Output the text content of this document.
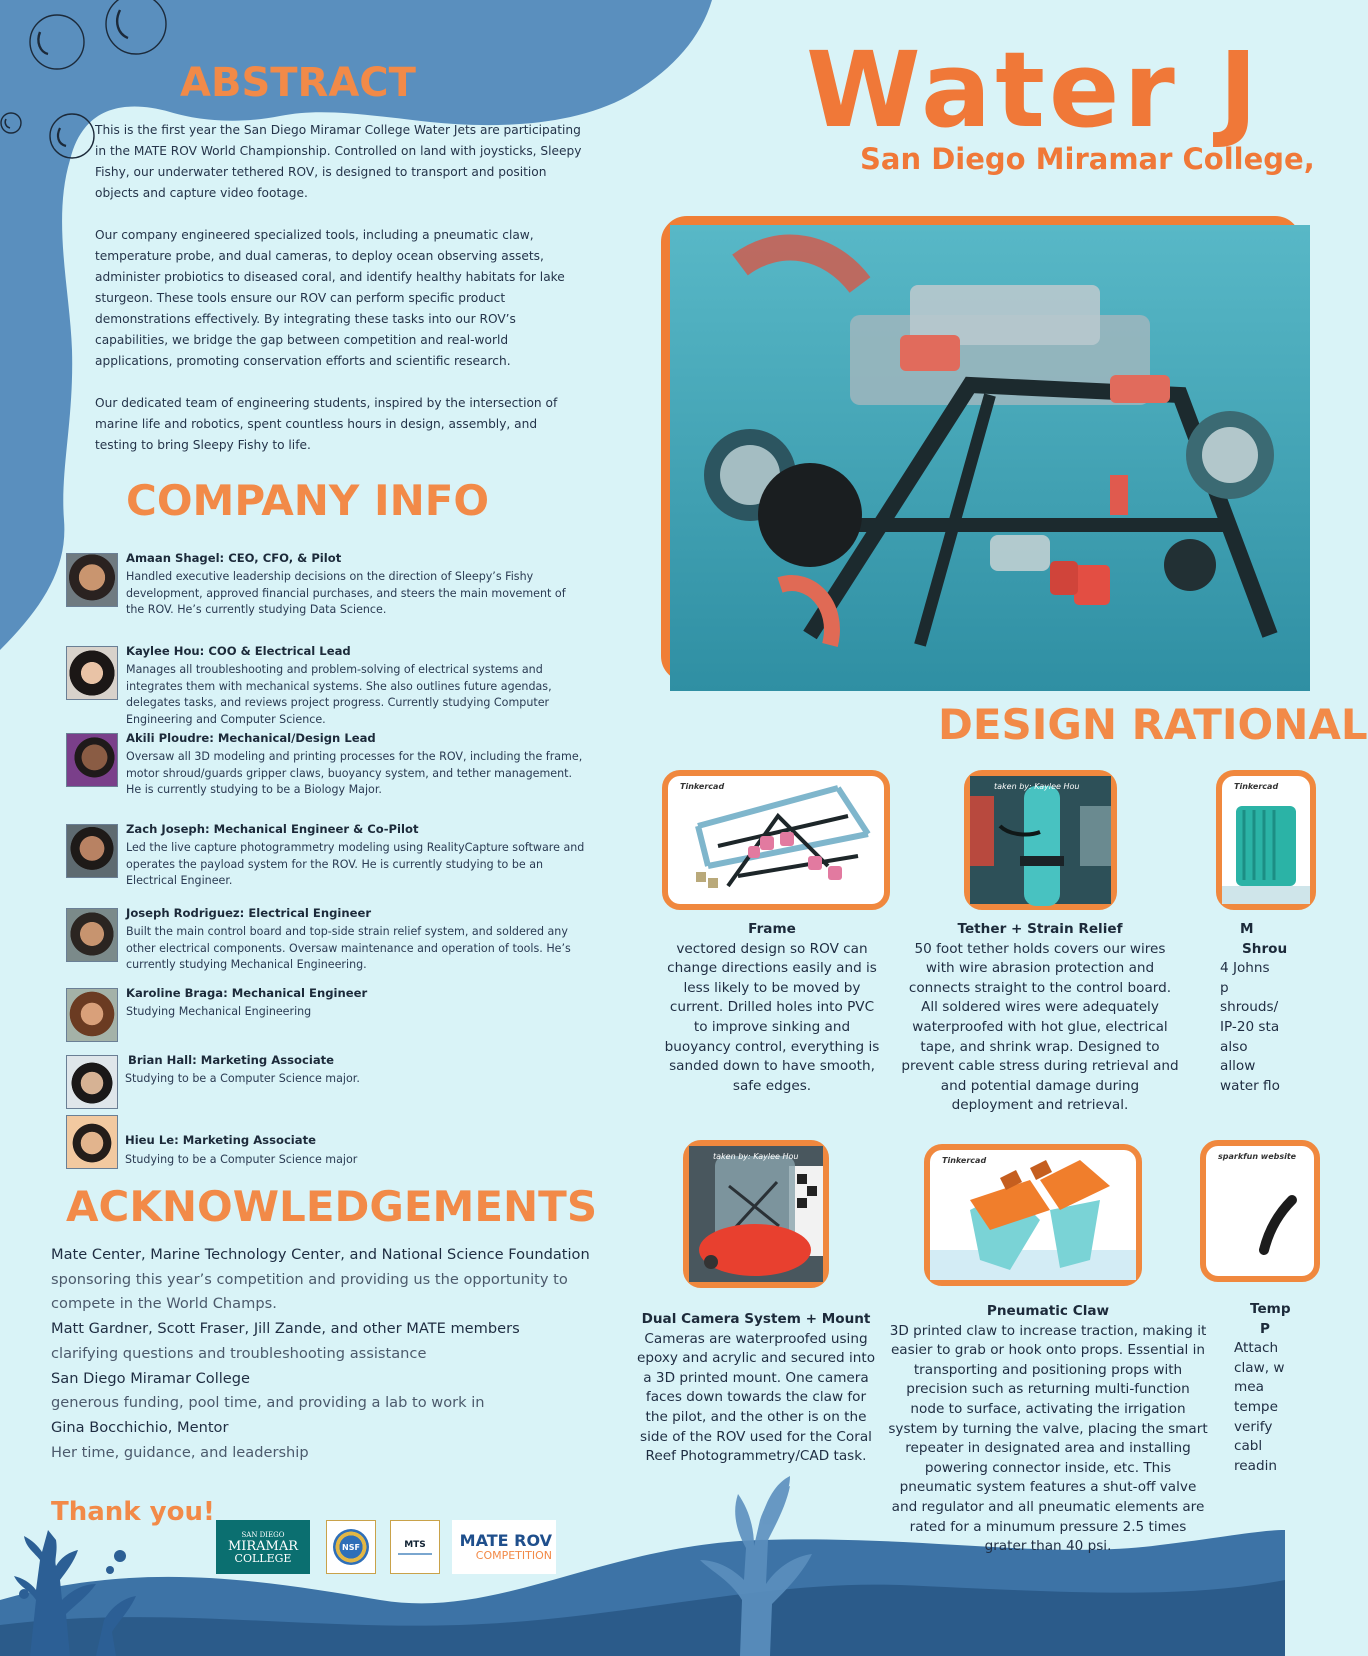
Water J
San Diego Miramar College,
ABSTRACT

This is the first year the San Diego Miramar College Water Jets are participating in the MATE ROV World Championship. Controlled on land with joysticks, Sleepy Fishy, our underwater tethered ROV, is designed to transport and position objects and capture video footage.

Our company engineered specialized tools, including a pneumatic claw, temperature probe, and dual cameras, to deploy ocean observing assets, administer probiotics to diseased coral, and identify healthy habitats for lake sturgeon. These tools ensure our ROV can perform specific product demonstrations effectively. By integrating these tasks into our ROV’s capabilities, we bridge the gap between competition and real-world applications, promoting conservation efforts and scientific research.

Our dedicated team of engineering students, inspired by the intersection of marine life and robotics, spent countless hours in design, assembly, and testing to bring Sleepy Fishy to life.

COMPANY INFO
Amaan Shagel: CEO, CFO, & Pilot
Handled executive leadership decisions on the direction of Sleepy’s Fishy development, approved financial purchases, and steers the main movement of the ROV. He’s currently studying Data Science.
Kaylee Hou: COO & Electrical Lead
Manages all troubleshooting and problem-solving of electrical systems and integrates them with mechanical systems. She also outlines future agendas, delegates tasks, and reviews project progress. Currently studying Computer Engineering and Computer Science.
Akili Ploudre: Mechanical/Design Lead
Oversaw all 3D modeling and printing processes for the ROV, including the frame, motor shroud/guards gripper claws, buoyancy system, and tether management. He is currently studying to be a Biology Major.
Zach Joseph: Mechanical Engineer & Co-Pilot
Led the live capture photogrammetry modeling using RealityCapture software and operates the payload system for the ROV. He is currently studying to be an Electrical Engineer.
Joseph Rodriguez: Electrical Engineer
Built the main control board and top-side strain relief system, and soldered any other electrical components. Oversaw maintenance and operation of tools. He’s currently studying Mechanical Engineering.
Karoline Braga: Mechanical Engineer
Studying Mechanical Engineering
Brian Hall: Marketing Associate
Studying to be a Computer Science major.
Hieu Le: Marketing Associate
Studying to be a Computer Science major
ACKNOWLEDGEMENTS
Mate Center, Marine Technology Center, and National Science Foundation
sponsoring this year’s competition and providing us the opportunity to compete in the World Champs.
Matt Gardner, Scott Fraser, Jill Zande, and other MATE members
clarifying questions and troubleshooting assistance
San Diego Miramar College
generous funding, pool time, and providing a lab to work in
Gina Bocchichio, Mentor
Her time, guidance, and leadership
Thank you!
SAN DIEGO
MIRAMAR
COLLEGE
NSF	MTS MATE ROV
COMPETITION
DESIGN RATIONAL
Tinkercad
Frame
vectored design so ROV can change directions easily and is less likely to be moved by current. Drilled holes into PVC to improve sinking and buoyancy control, everything is sanded down to have smooth, safe edges.
taken by: Kaylee Hou
Tether + Strain Relief
50 foot tether holds covers our wires with wire abrasion protection and connects straight to the control board. All soldered wires were adequately waterproofed with hot glue, electrical tape, and shrink wrap. Designed to prevent cable stress during retrieval and and potential damage during deployment and retrieval.
Tinkercad
M
Shrou
4 Johns p shrouds/ IP-20 sta also allow water flo
taken by: Kaylee Hou
Dual Camera System + Mount
Cameras are waterproofed using epoxy and acrylic and secured into a 3D printed mount. One camera faces down towards the claw for the pilot, and the other is on the side of the ROV used for the Coral Reef Photogrammetry/CAD task.
Tinkercad
Pneumatic Claw
3D printed claw to increase traction, making it easier to grab or hook onto props. Essential in transporting and positioning props with precision such as returning multi-function node to surface, activating the irrigation system by turning the valve, placing the smart repeater in designated area and installing powering connector inside, etc. This pneumatic system features a shut-off valve and regulator and all pneumatic elements are rated for a minumum pressure 2.5 times grater than 40 psi.
sparkfun website
Temp
P
Attach claw, w mea tempe verify cabl readin
